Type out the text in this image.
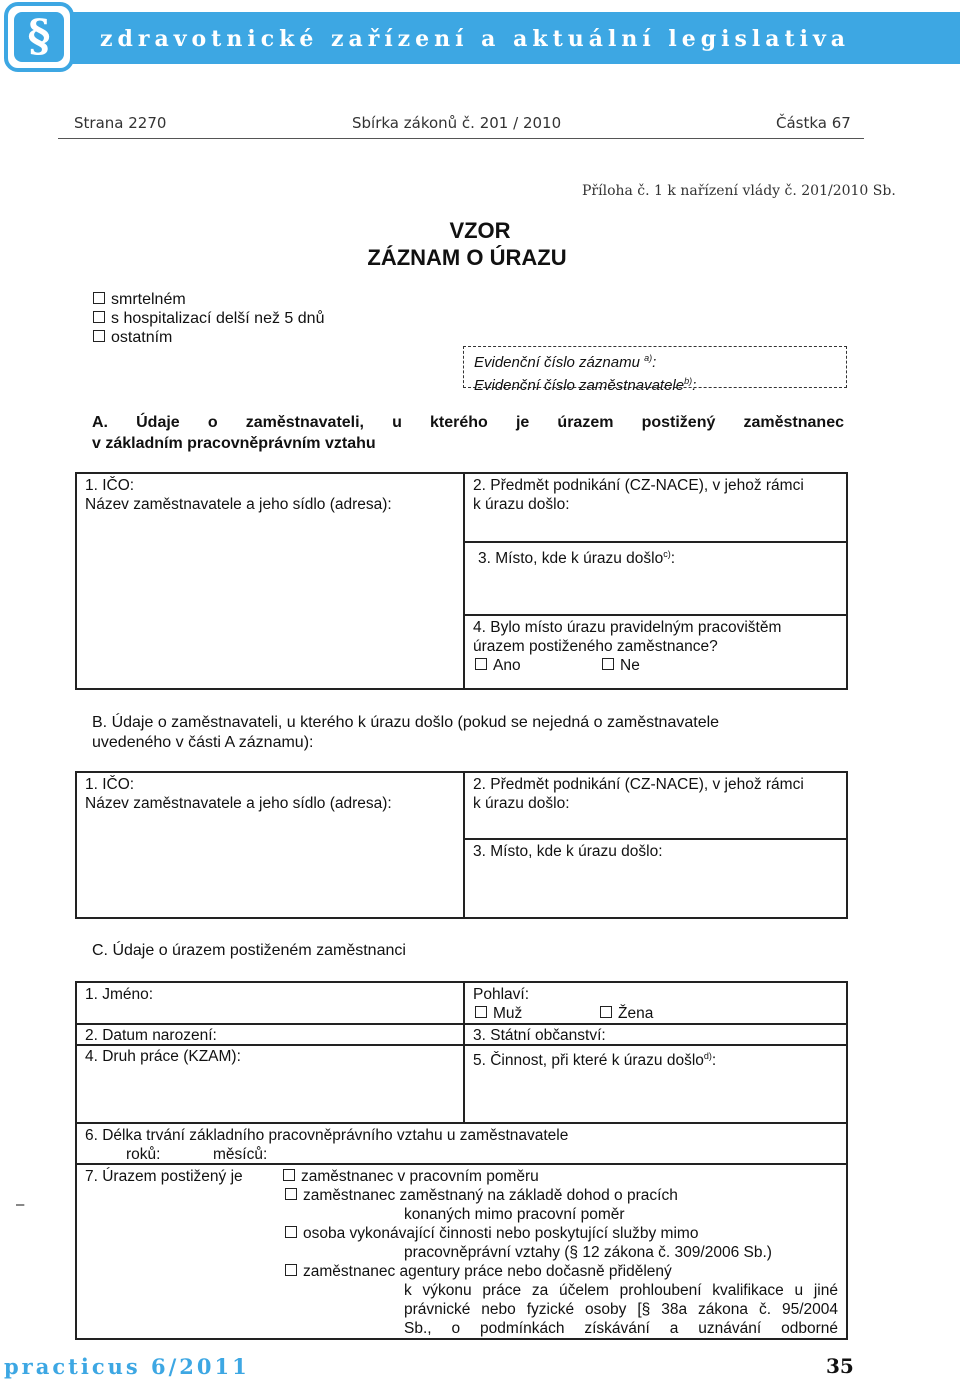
§	zdravotnické zařízení a aktuální legislativa
Strana 2270	Sbírka zákonů č. 201 / 2010	Částka 67
Příloha č. 1 k nařízení vlády č. 201/2010 Sb.
VZOR
ZÁZNAM O ÚRAZU
smrtelném
s hospitalizací delší než 5 dnů
ostatním
Evidenční číslo záznamu $^{a)}$:
Evidenční číslo zaměstnavatele$^{b)}$:
A. Údaje o zaměstnavateli, u kterého je úrazem postižený zaměstnanec
v základním pracovněprávním vztahu
1. IČO:
Název zaměstnavatele a jeho sídlo (adresa):
2. Předmět podnikání (CZ-NACE), v jehož rámci
k úrazu došlo:
3. Místo, kde k úrazu došlo$^{c)}$:
4. Bylo místo úrazu pravidelným pracovištěm
úrazem postiženého zaměstnance?
Ano	Ne
B. Údaje o zaměstnavateli, u kterého k úrazu došlo (pokud se nejedná o zaměstnavatele
uvedeného v části A záznamu):
1. IČO:
Název zaměstnavatele a jeho sídlo (adresa):
2. Předmět podnikání (CZ-NACE), v jehož rámci
k úrazu došlo:
3. Místo, kde k úrazu došlo:
C. Údaje o úrazem postiženém zaměstnanci
1. Jméno:	Pohlaví:
Muž	Žena
2. Datum narození:	3. Státní občanství:
4. Druh práce (KZAM):	5. Činnost, při které k úrazu došlo$^{d)}$:
6. Délka trvání základního pracovněprávního vztahu u zaměstnavatele
roků:	měsíců:
7. Úrazem postižený je	zaměstnanec v pracovním poměru
zaměstnanec zaměstnaný na základě dohod o pracích
konaných mimo pracovní poměr
osoba vykonávající činnosti nebo poskytující služby mimo
pracovněprávní vztahy (§ 12 zákona č. 309/2006 Sb.)
zaměstnanec agentury práce nebo dočasně přidělený
k výkonu práce za účelem prohloubení kvalifikace u jiné
právnické nebo fyzické osoby [§ 38a zákona č. 95/2004
Sb., o podmínkách získávání a uznávání odborné
–
practicus 6/2011	35
